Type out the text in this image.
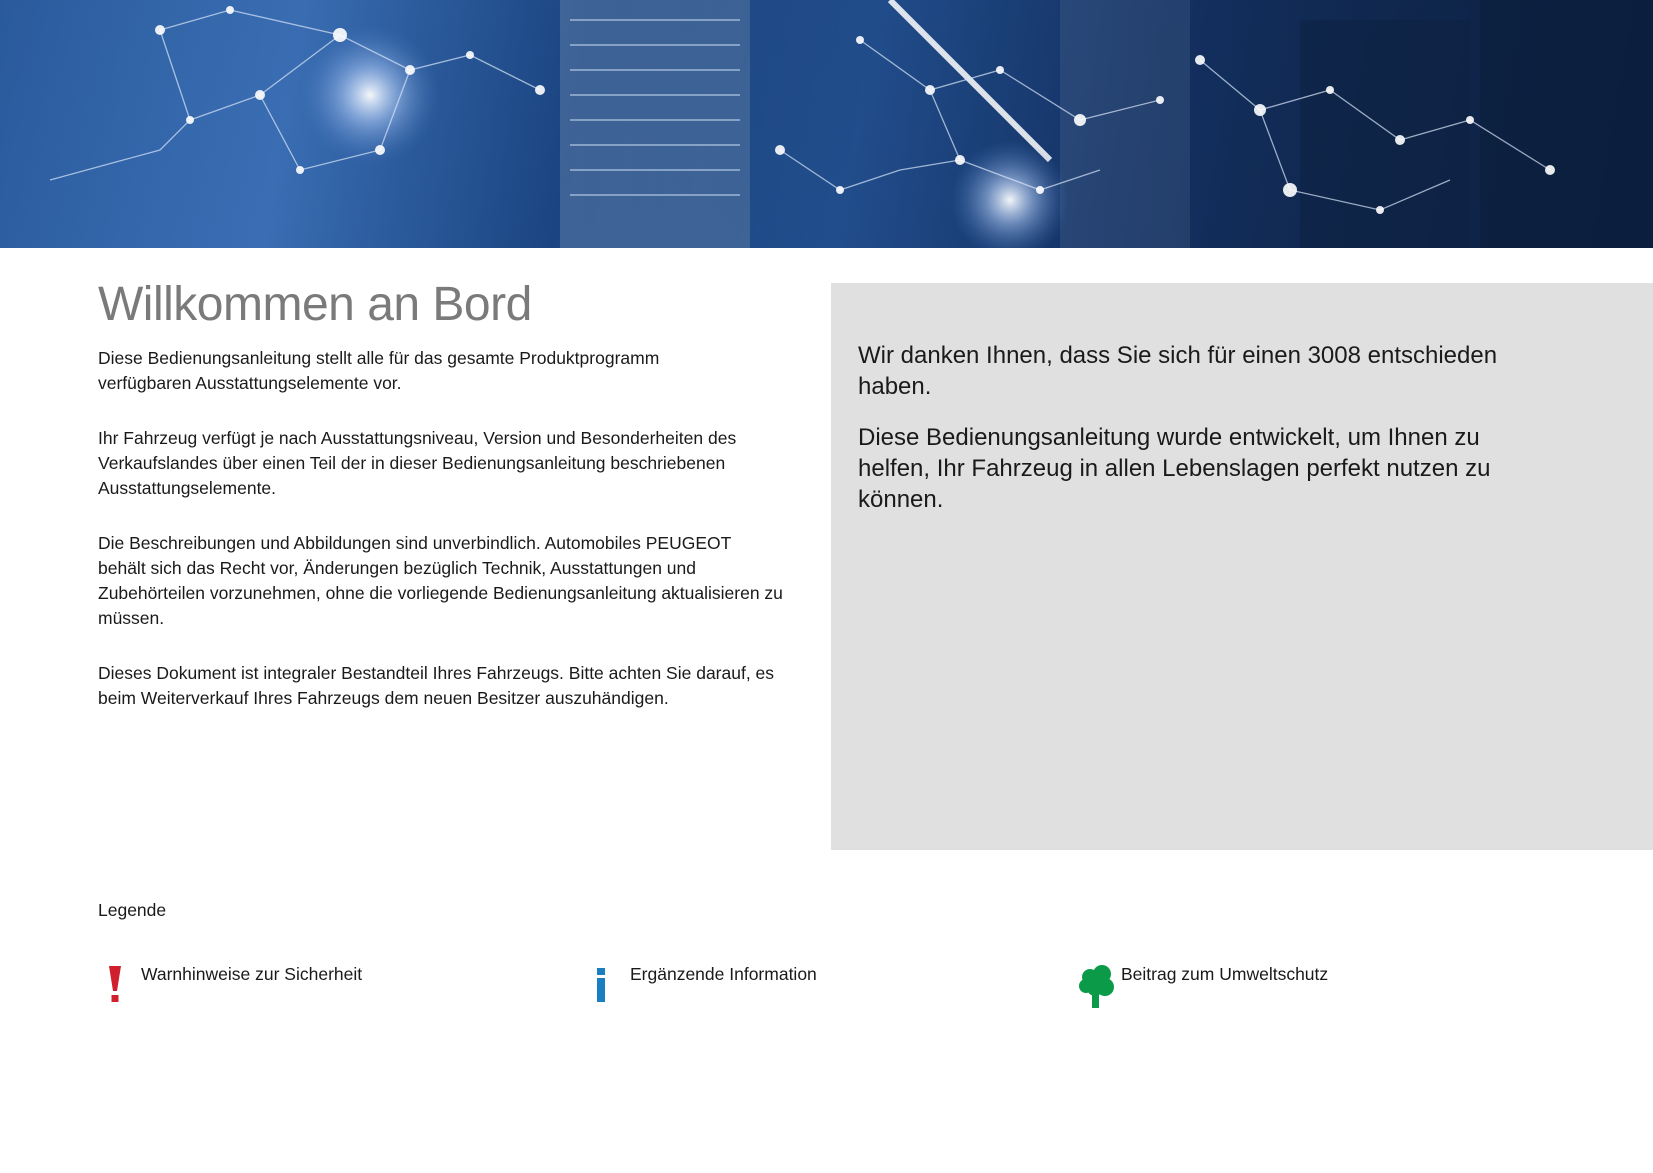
Willkommen an Bord

Diese Bedienungsanleitung stellt alle für das gesamte Produktprogramm verfügbaren Ausstattungselemente vor.

Ihr Fahrzeug verfügt je nach Ausstattungsniveau, Version und Besonderheiten des Verkaufslandes über einen Teil der in dieser Bedienungsanleitung beschriebenen Ausstattungselemente.

Die Beschreibungen und Abbildungen sind unverbindlich. Automobiles PEUGEOT behält sich das Recht vor, Änderungen bezüglich Technik, Ausstattungen und Zubehörteilen vorzunehmen, ohne die vorliegende Bedienungsanleitung aktualisieren zu müssen.

Dieses Dokument ist integraler Bestandteil Ihres Fahrzeugs. Bitte achten Sie darauf, es beim Weiterverkauf Ihres Fahrzeugs dem neuen Besitzer auszuhändigen.

Wir danken Ihnen, dass Sie sich für einen 3008 entschieden haben.

Diese Bedienungsanleitung wurde entwickelt, um Ihnen zu helfen, Ihr Fahrzeug in allen Lebenslagen perfekt nutzen zu können.

Legende

Warnhinweise zur Sicherheit	Ergänzende Information	Beitrag zum Umweltschutz
